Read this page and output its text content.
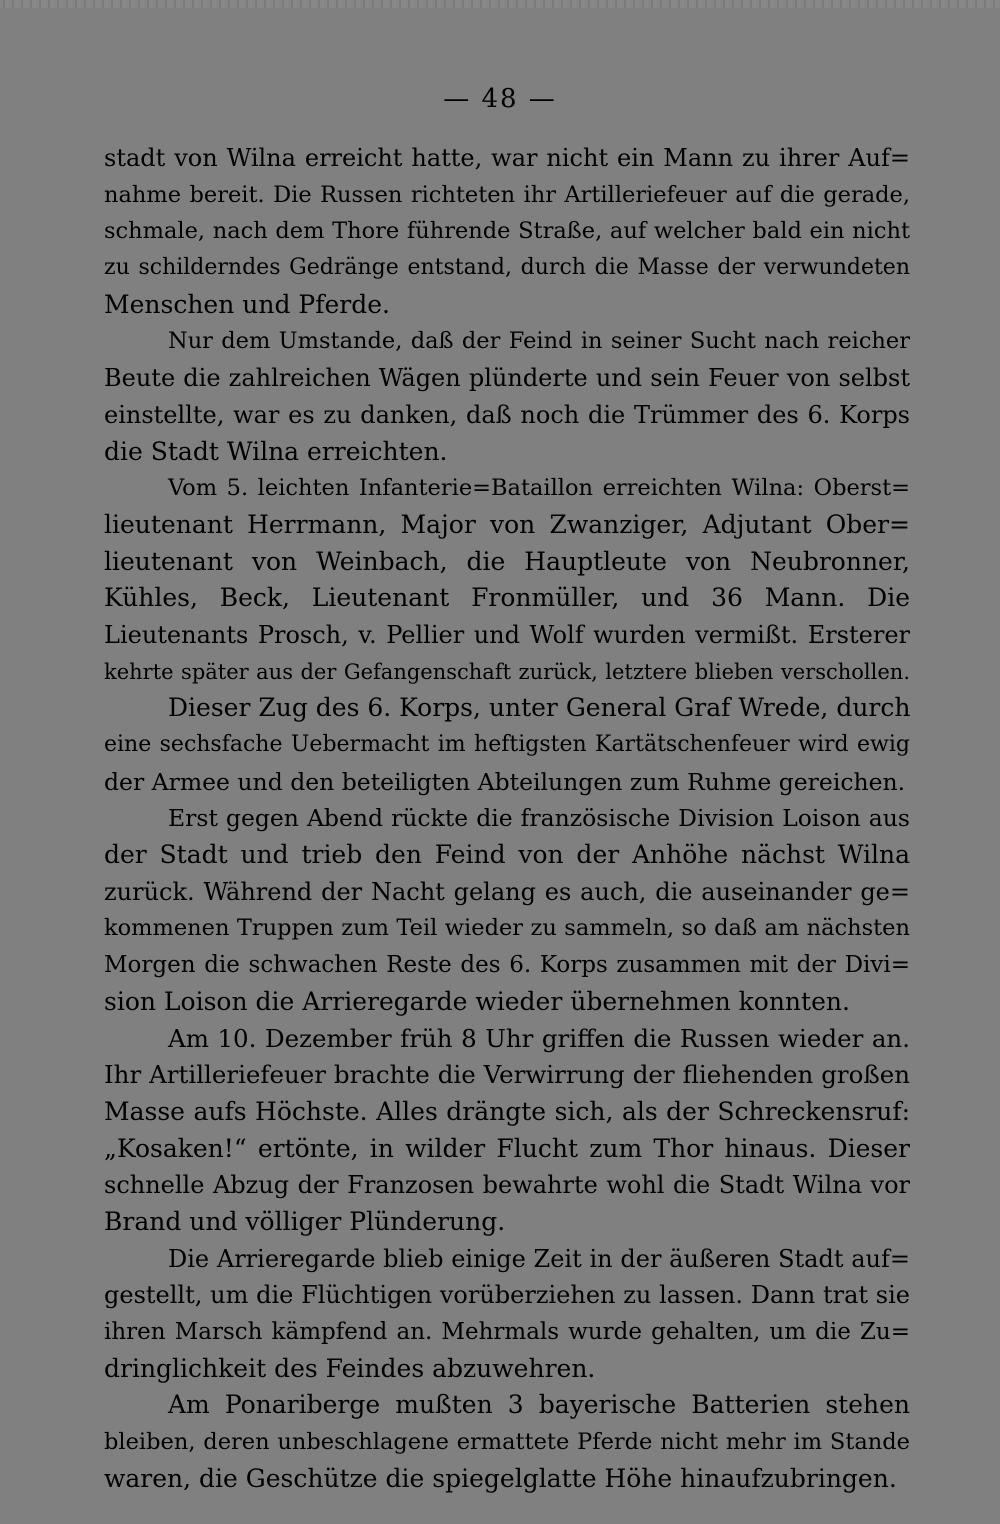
— 48 —
stadt von Wilna erreicht hatte, war nicht ein Mann zu ihrer Auf=
nahme bereit. Die Russen richteten ihr Artilleriefeuer auf die gerade,
schmale, nach dem Thore führende Straße, auf welcher bald ein nicht
zu schilderndes Gedränge entstand, durch die Masse der verwundeten
Menschen und Pferde.
Nur dem Umstande, daß der Feind in seiner Sucht nach reicher
Beute die zahlreichen Wägen plünderte und sein Feuer von selbst
einstellte, war es zu danken, daß noch die Trümmer des 6. Korps
die Stadt Wilna erreichten.
Vom 5. leichten Infanterie=Bataillon erreichten Wilna: Oberst=
lieutenant Herrmann, Major von Zwanziger, Adjutant Ober=
lieutenant von Weinbach, die Hauptleute von Neubronner,
Kühles, Beck, Lieutenant Fronmüller, und 36 Mann. Die
Lieutenants Prosch, v. Pellier und Wolf wurden vermißt. Ersterer
kehrte später aus der Gefangenschaft zurück, letztere blieben verschollen.
Dieser Zug des 6. Korps, unter General Graf Wrede, durch
eine sechsfache Uebermacht im heftigsten Kartätschenfeuer wird ewig
der Armee und den beteiligten Abteilungen zum Ruhme gereichen.
Erst gegen Abend rückte die französische Division Loison aus
der Stadt und trieb den Feind von der Anhöhe nächst Wilna
zurück. Während der Nacht gelang es auch, die auseinander ge=
kommenen Truppen zum Teil wieder zu sammeln, so daß am nächsten
Morgen die schwachen Reste des 6. Korps zusammen mit der Divi=
sion Loison die Arrieregarde wieder übernehmen konnten.
Am 10. Dezember früh 8 Uhr griffen die Russen wieder an.
Ihr Artilleriefeuer brachte die Verwirrung der fliehenden großen
Masse aufs Höchste. Alles drängte sich, als der Schreckensruf:
„Kosaken!“ ertönte, in wilder Flucht zum Thor hinaus. Dieser
schnelle Abzug der Franzosen bewahrte wohl die Stadt Wilna vor
Brand und völliger Plünderung.
Die Arrieregarde blieb einige Zeit in der äußeren Stadt auf=
gestellt, um die Flüchtigen vorüberziehen zu lassen. Dann trat sie
ihren Marsch kämpfend an. Mehrmals wurde gehalten, um die Zu=
dringlichkeit des Feindes abzuwehren.
Am Ponariberge mußten 3 bayerische Batterien stehen
bleiben, deren unbeschlagene ermattete Pferde nicht mehr im Stande
waren, die Geschütze die spiegelglatte Höhe hinaufzubringen.
